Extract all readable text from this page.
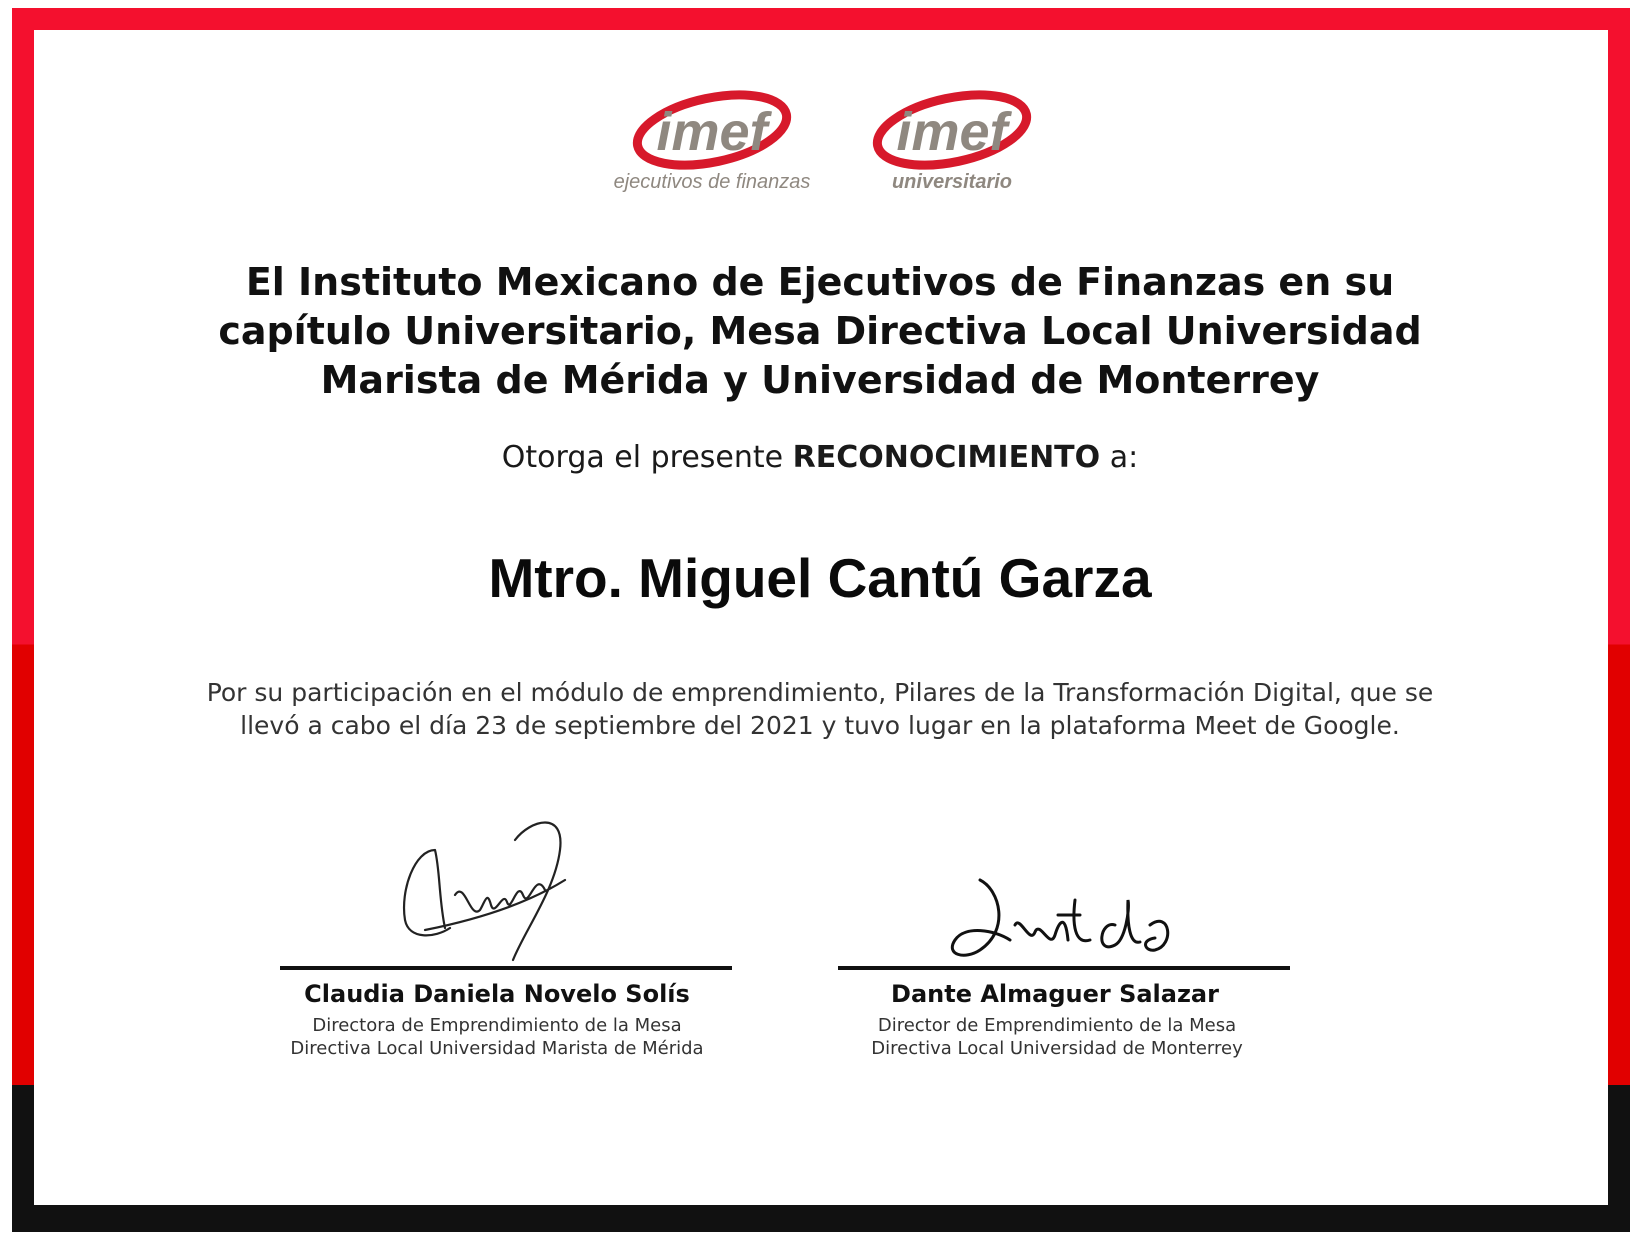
imef
ejecutivos de finanzas
imef
universitario
El Instituto Mexicano de Ejecutivos de Finanzas en su capítulo Universitario, Mesa Directiva Local Universidad Marista de Mérida y Universidad de Monterrey
Otorga el presente RECONOCIMIENTO a:
Mtro. Miguel Cantú Garza
Por su participación en el módulo de emprendimiento, Pilares de la Transformación Digital, que se llevó a cabo el día 23 de septiembre del 2021 y tuvo lugar en la plataforma Meet de Google.
Claudia Daniela Novelo Solís
Directora de Emprendimiento de la Mesa
Directiva Local Universidad Marista de Mérida
Dante Almaguer Salazar
Director de Emprendimiento de la Mesa
Directiva Local Universidad de Monterrey
